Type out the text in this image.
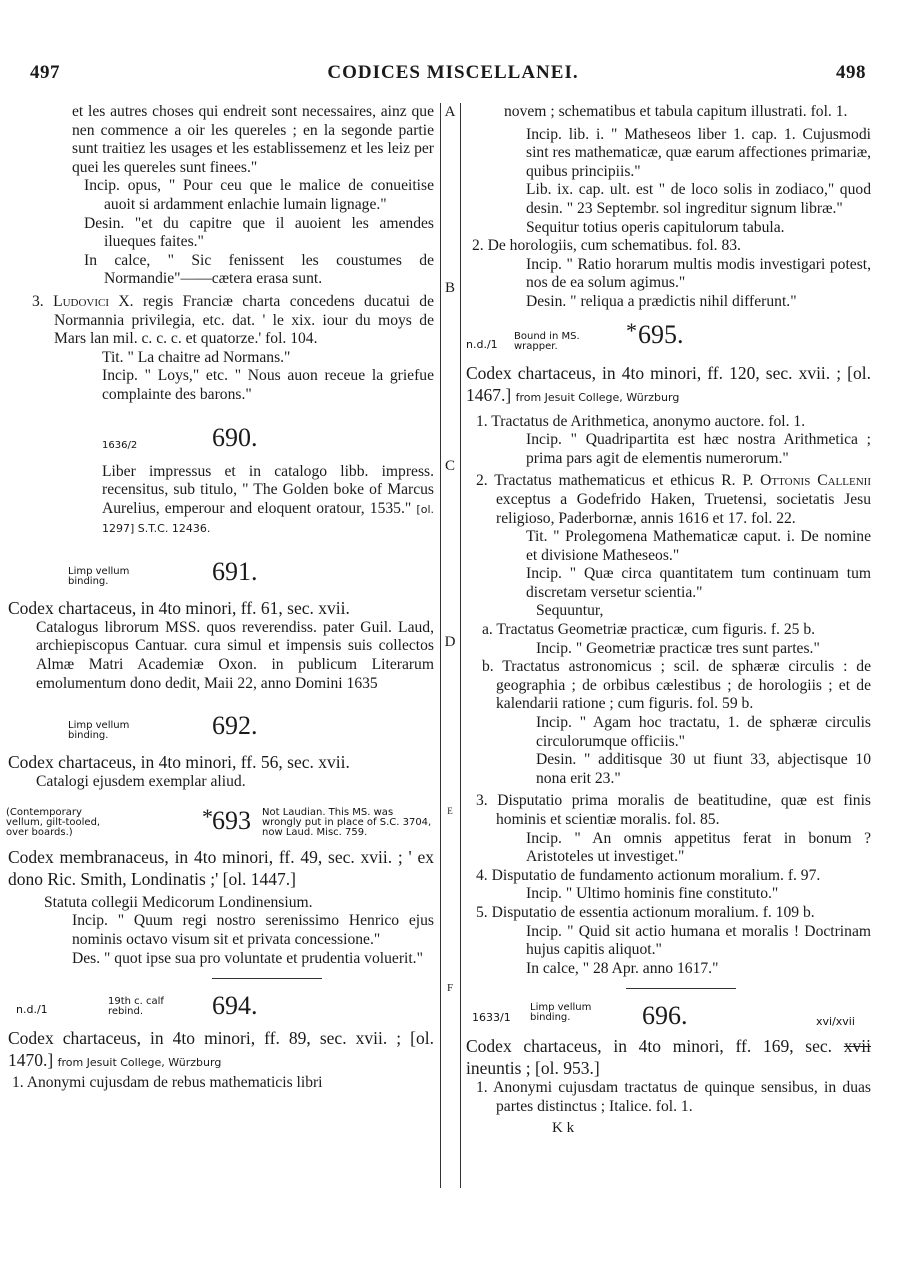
497	CODICES MISCELLANEI.	498
A
B
C
D
E
F

et les autres choses qui endreit sont necessaires, ainz que nen commence a oir les quereles ; en la segonde partie sunt traitiez les usages et les establissemenz et les leiz per quei les quereles sunt finees."

Incip. opus, " Pour ceu que le malice de conueitise auoit si ardamment enlachie lumain lignage."

Desin. "et du capitre que il auoient les amendes ilueques faites."

In calce, " Sic fenissent les coustumes de Normandie"——cætera erasa sunt.

3. Ludovici X. regis Franciæ charta concedens ducatui de Normannia privilegia, etc. dat. ' le xix. iour du moys de Mars lan mil. c. c. c. et quatorze.' fol. 104.

Tit. " La chaitre ad Normans."

Incip. " Loys," etc. " Nous auon receue la griefue complainte des barons."

1636/2	690.

Liber impressus et in catalogo libb. impress. recensitus, sub titulo, " The Golden boke of Marcus Aurelius, emperour and eloquent oratour, 1535." [ol. 1297] S.T.C. 12436.

Limp vellum binding.	691.

Codex chartaceus, in 4to minori, ff. 61, sec. xvii.

Catalogus librorum MSS. quos reverendiss. pater Guil. Laud, archiepiscopus Cantuar. cura simul et impensis suis collectos Almæ Matri Academiæ Oxon. in publicum Literarum emolumentum dono dedit, Maii 22, anno Domini 1635

Limp vellum binding.	692.

Codex chartaceus, in 4to minori, ff. 56, sec. xvii.

Catalogi ejusdem exemplar aliud.

(Contemporary vellum, gilt-tooled, over boards.)
* 693 Not Laudian. This MS. was wrongly put in place of S.C. 3704, now Laud. Misc. 759.

Codex membranaceus, in 4to minori, ff. 49, sec. xvii. ; ' ex dono Ric. Smith, Londinatis ;' [ol. 1447.]

Statuta collegii Medicorum Londinensium.

Incip. " Quum regi nostro serenissimo Henrico ejus nominis octavo visum sit et privata concessione."

Des. " quot ipse sua pro voluntate et prudentia voluerit."

n.d./1
19th c. calf rebind.	694.

Codex chartaceus, in 4to minori, ff. 89, sec. xvii. ; [ol. 1470.] from Jesuit College, Würzburg

1. Anonymi cujusdam de rebus mathematicis libri

novem ; schematibus et tabula capitum illustrati. fol. 1.

Incip. lib. i. " Matheseos liber 1. cap. 1. Cujusmodi sint res mathematicæ, quæ earum affectiones primariæ, quibus principiis."

Lib. ix. cap. ult. est " de loco solis in zodiaco," quod desin. " 23 Septembr. sol ingreditur signum libræ."

Sequitur totius operis capitulorum tabula.

2. De horologiis, cum schematibus. fol. 83.

Incip. " Ratio horarum multis modis investigari potest, nos de ea solum agimus."

Desin. " reliqua a prædictis nihil differunt."

n.d./1
Bound in MS. wrapper.
* 695.

Codex chartaceus, in 4to minori, ff. 120, sec. xvii. ; [ol. 1467.] from Jesuit College, Würzburg

1. Tractatus de Arithmetica, anonymo auctore. fol. 1.

Incip. " Quadripartita est hæc nostra Arithmetica ; prima pars agit de elementis numerorum."

2. Tractatus mathematicus et ethicus R. P. Ottonis Callenii exceptus a Godefrido Haken, Truetensi, societatis Jesu religioso, Paderbornæ, annis 1616 et 17. fol. 22.

Tit. " Prolegomena Mathematicæ caput. i. De nomine et divisione Matheseos."

Incip. " Quæ circa quantitatem tum continuam tum discretam versetur scientia."

Sequuntur,

a. Tractatus Geometriæ practicæ, cum figuris. f. 25 b.

Incip. " Geometriæ practicæ tres sunt partes."

b. Tractatus astronomicus ; scil. de sphæræ circulis : de geographia ; de orbibus cælestibus ; de horologiis ; et de kalendarii ratione ; cum figuris. fol. 59 b.

Incip. " Agam hoc tractatu, 1. de sphæræ circulis circulorumque officiis."

Desin. " additisque 30 ut fiunt 33, abjectisque 10 nona erit 23."

3. Disputatio prima moralis de beatitudine, quæ est finis hominis et scientiæ moralis. fol. 85.

Incip. " An omnis appetitus ferat in bonum ? Aristoteles ut investiget."

4. Disputatio de fundamento actionum moralium. f. 97.

Incip. " Ultimo hominis fine constituto."

5. Disputatio de essentia actionum moralium. f. 109 b.

Incip. " Quid sit actio humana et moralis ! Doctrinam hujus capitis aliquot."

In calce, " 28 Apr. anno 1617."

1633/1
Limp vellum binding.	696.	xvi/xvii

Codex chartaceus, in 4to minori, ff. 169, sec. xvii ineuntis ; [ol. 953.]

1. Anonymi cujusdam tractatus de quinque sensibus, in duas partes distinctus ; Italice. fol. 1.

K k
